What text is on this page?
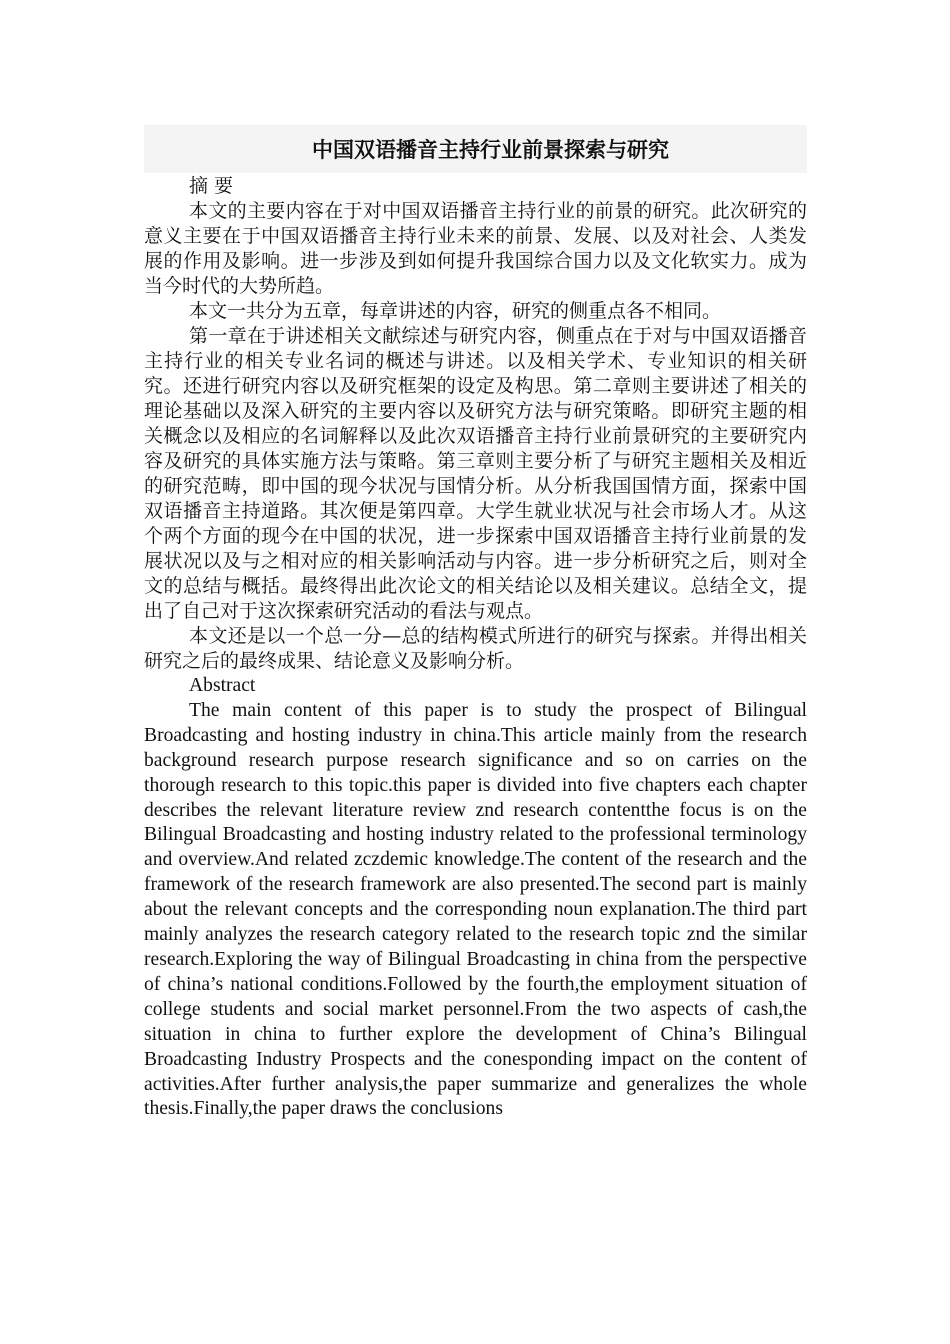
中国双语播音主持行业前景探索与研究

摘 要

本文的主要内容在于对中国双语播音主持行业的前景的研究。此次研究的意义主要在于中国双语播音主持行业未来的前景、发展、以及对社会、人类发展的作用及影响。进一步涉及到如何提升我国综合国力以及文化软实力。成为当今时代的大势所趋。

本文一共分为五章，每章讲述的内容，研究的侧重点各不相同。

第一章在于讲述相关文献综述与研究内容，侧重点在于对与中国双语播音主持行业的相关专业名词的概述与讲述。以及相关学术、专业知识的相关研究。还进行研究内容以及研究框架的设定及构思。第二章则主要讲述了相关的理论基础以及深入研究的主要内容以及研究方法与研究策略。即研究主题的相关概念以及相应的名词解释以及此次双语播音主持行业前景研究的主要研究内容及研究的具体实施方法与策略。第三章则主要分析了与研究主题相关及相近的研究范畴，即中国的现今状况与国情分析。从分析我国国情方面，探索中国双语播音主持道路。其次便是第四章。大学生就业状况与社会市场人才。从这个两个方面的现今在中国的状况，进一步探索中国双语播音主持行业前景的发展状况以及与之相对应的相关影响活动与内容。进一步分析研究之后，则对全文的总结与概括。最终得出此次论文的相关结论以及相关建议。总结全文，提出了自己对于这次探索研究活动的看法与观点。

本文还是以一个总一分—总的结构模式所进行的研究与探索。并得出相关研究之后的最终成果、结论意义及影响分析。

Abstract

The main content of this paper is to study the prospect of Bilingual Broadcasting and hosting industry in china.This article mainly from the research background research purpose research significance and so on carries on the thorough research to this topic.this paper is divided into five chapters each chapter describes the relevant literature review znd research contentthe focus is on the Bilingual Broadcasting and hosting industry related to the professional terminology and overview.And related zczdemic knowledge.The content of the research and the framework of the research framework are also presented.The second part is mainly about the relevant concepts and the corresponding noun explanation.The third part mainly analyzes the research category related to the research topic znd the similar research.Exploring the way of Bilingual Broadcasting in china from the perspective of china’s national conditions.Followed by the fourth,the employment situation of college students and social market personnel.From the two aspects of cash,the situation in china to further explore the development of China’s Bilingual Broadcasting Industry Prospects and the conesponding impact on the content of activities.After further analysis,the paper summarize and generalizes the whole thesis.Finally,the paper draws the conclusions
